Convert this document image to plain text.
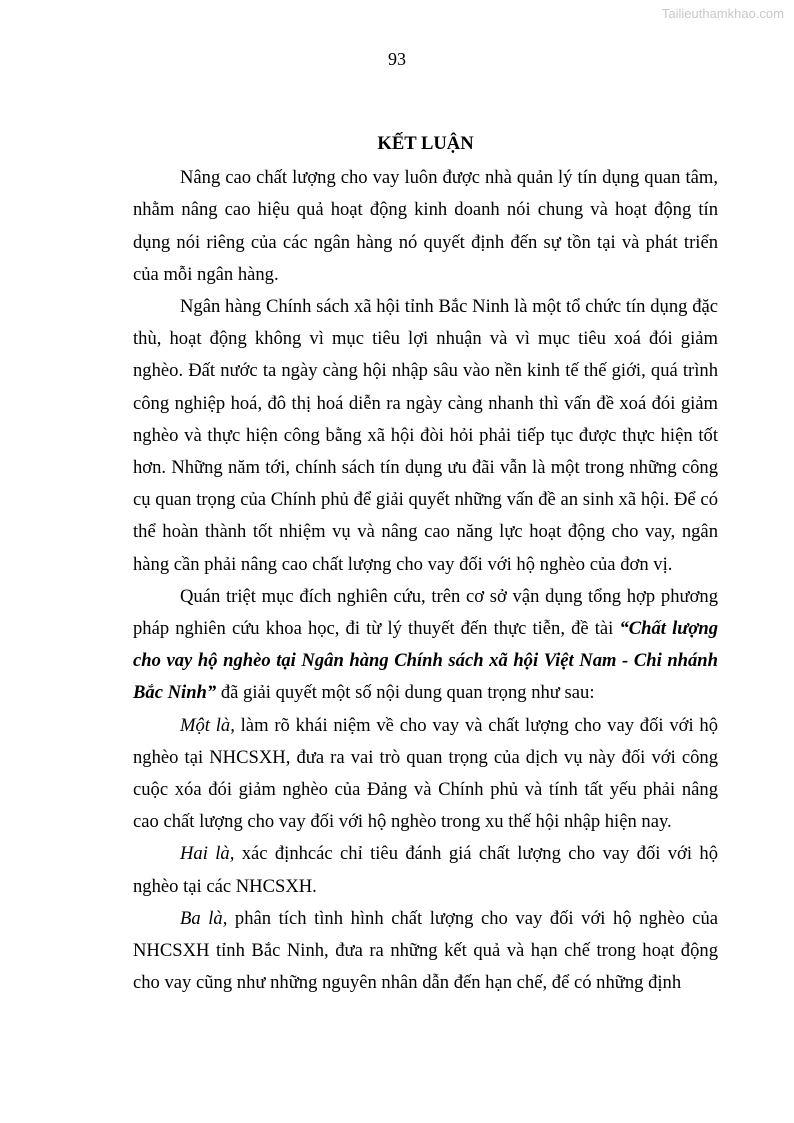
Tailieuthamkhao.com
93
KẾT LUẬN

Nâng cao chất lượng cho vay luôn được nhà quản lý tín dụng quan tâm, nhằm nâng cao hiệu quả hoạt động kinh doanh nói chung và hoạt động tín dụng nói riêng của các ngân hàng nó quyết định đến sự tồn tại và phát triển của mỗi ngân hàng.

Ngân hàng Chính sách xã hội tỉnh Bắc Ninh là một tổ chức tín dụng đặc thù, hoạt động không vì mục tiêu lợi nhuận và vì mục tiêu xoá đói giảm nghèo. Đất nước ta ngày càng hội nhập sâu vào nền kinh tế thế giới, quá trình công nghiệp hoá, đô thị hoá diễn ra ngày càng nhanh thì vấn đề xoá đói giảm nghèo và thực hiện công bằng xã hội đòi hỏi phải tiếp tục được thực hiện tốt hơn. Những năm tới, chính sách tín dụng ưu đãi vẫn là một trong những công cụ quan trọng của Chính phủ để giải quyết những vấn đề an sinh xã hội. Để có thể hoàn thành tốt nhiệm vụ và nâng cao năng lực hoạt động cho vay, ngân hàng cần phải nâng cao chất lượng cho vay đối với hộ nghèo của đơn vị.

Quán triệt mục đích nghiên cứu, trên cơ sở vận dụng tổng hợp phương pháp nghiên cứu khoa học, đi từ lý thuyết đến thực tiễn, đề tài “Chất lượng cho vay hộ nghèo tại Ngân hàng Chính sách xã hội Việt Nam - Chi nhánh Bắc Ninh” đã giải quyết một số nội dung quan trọng như sau:

Một là, làm rõ khái niệm về cho vay và chất lượng cho vay đối với hộ nghèo tại NHCSXH, đưa ra vai trò quan trọng của dịch vụ này đối với công cuộc xóa đói giảm nghèo của Đảng và Chính phủ và tính tất yếu phải nâng cao chất lượng cho vay đối với hộ nghèo trong xu thế hội nhập hiện nay.

Hai là, xác địnhcác chỉ tiêu đánh giá chất lượng cho vay đối với hộ nghèo tại các NHCSXH.

Ba là, phân tích tình hình chất lượng cho vay đối với hộ nghèo của NHCSXH tỉnh Bắc Ninh, đưa ra những kết quả và hạn chế trong hoạt động cho vay cũng như những nguyên nhân dẫn đến hạn chế, để có những định
